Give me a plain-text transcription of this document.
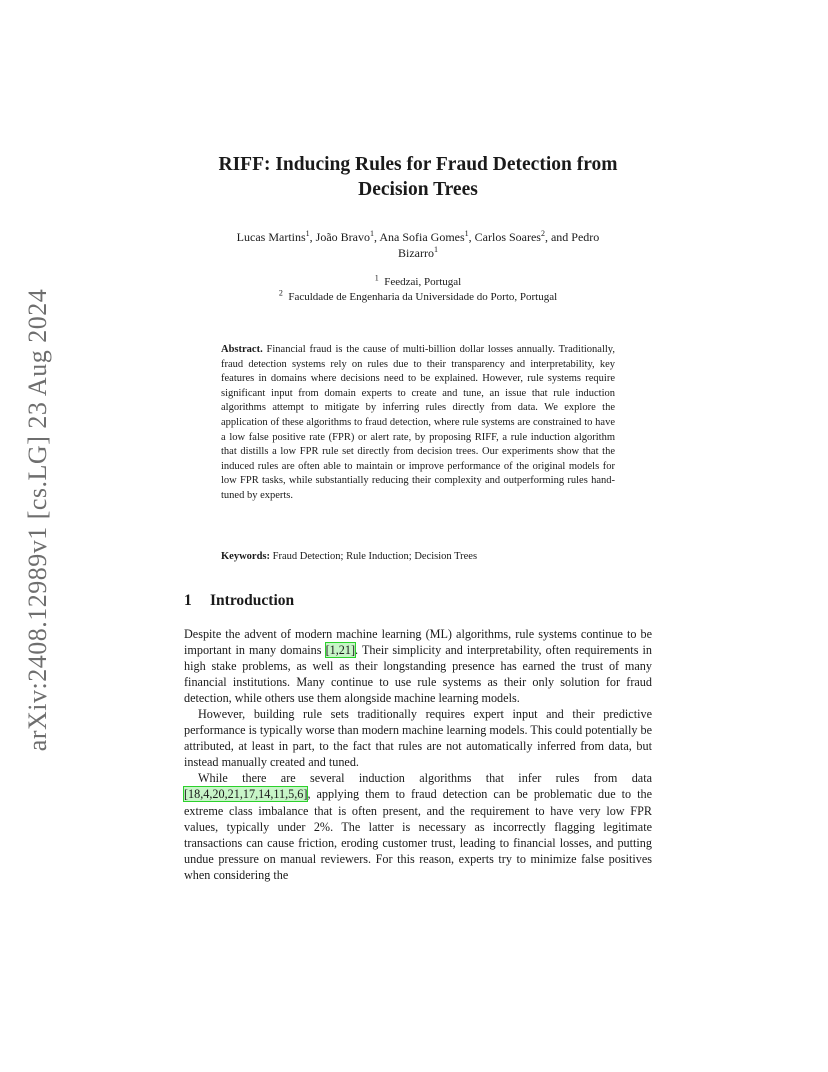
arXiv:2408.12989v1 [cs.LG] 23 Aug 2024
RIFF: Inducing Rules for Fraud Detection from
Decision Trees
Lucas Martins$^1$, João Bravo$^1$, Ana Sofia Gomes$^1$, Carlos Soares$^2$, and Pedro
Bizarro$^1$
$^1$ Feedzai, Portugal
$^2$ Faculdade de Engenharia da Universidade do Porto, Portugal
Abstract. Financial fraud is the cause of multi-billion dollar losses annually. Traditionally, fraud detection systems rely on rules due to their transparency and interpretability, key features in domains where decisions need to be explained. However, rule systems require significant input from domain experts to create and tune, an issue that rule induction algorithms attempt to mitigate by inferring rules directly from data. We explore the application of these algorithms to fraud detection, where rule systems are constrained to have a low false positive rate (FPR) or alert rate, by proposing RIFF, a rule induction algorithm that distills a low FPR rule set directly from decision trees. Our experiments show that the induced rules are often able to maintain or improve performance of the original models for low FPR tasks, while substantially reducing their complexity and outperforming rules hand-tuned by experts.
Keywords: Fraud Detection; Rule Induction; Decision Trees
1 Introduction

Despite the advent of modern machine learning (ML) algorithms, rule systems continue to be important in many domains [1,21]. Their simplicity and interpretability, often requirements in high stake problems, as well as their longstanding presence has earned the trust of many financial institutions. Many continue to use rule systems as their only solution for fraud detection, while others use them alongside machine learning models.

However, building rule sets traditionally requires expert input and their predictive performance is typically worse than modern machine learning models. This could potentially be attributed, at least in part, to the fact that rules are not automatically inferred from data, but instead manually created and tuned.

While there are several induction algorithms that infer rules from data [18,4,20,21,17,14,11,5,6], applying them to fraud detection can be problematic due to the extreme class imbalance that is often present, and the requirement to have very low FPR values, typically under 2%. The latter is necessary as incorrectly flagging legitimate transactions can cause friction, eroding customer trust, leading to financial losses, and putting undue pressure on manual reviewers. For this reason, experts try to minimize false positives when considering the
